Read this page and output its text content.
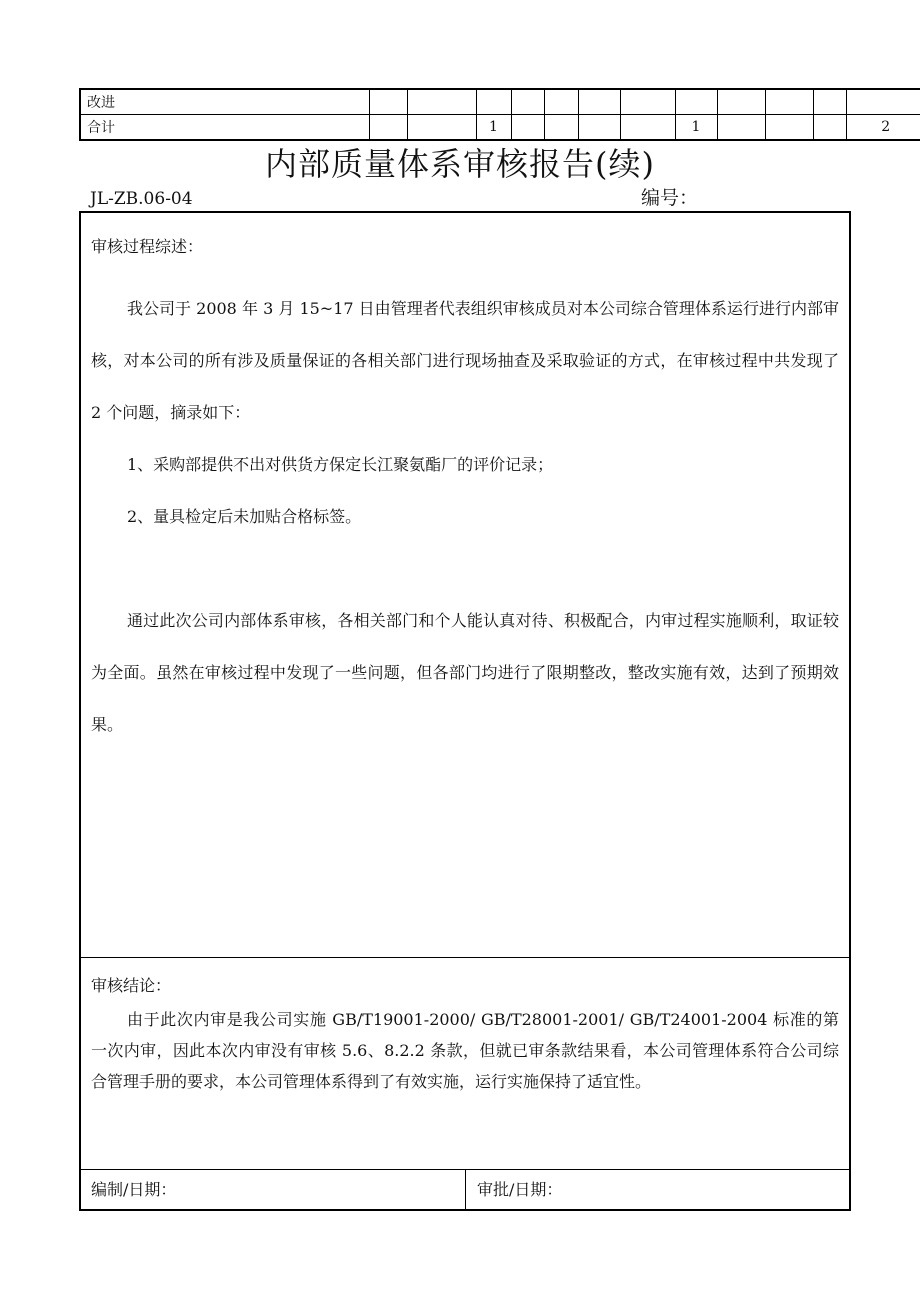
改进												
合计			1					1				2
内部质量体系审核报告(续)
JL-ZB.06-04	编号：

审核过程综述：

我公司于 2008 年 3 月 15~17 日由管理者代表组织审核成员对本公司综合管理体系运行进行内部审核，对本公司的所有涉及质量保证的各相关部门进行现场抽查及采取验证的方式，在审核过程中共发现了 2 个问题，摘录如下：

1、采购部提供不出对供货方保定长江聚氨酯厂的评价记录；

2、量具检定后未加贴合格标签。

通过此次公司内部体系审核，各相关部门和个人能认真对待、积极配合，内审过程实施顺利，取证较为全面。虽然在审核过程中发现了一些问题，但各部门均进行了限期整改，整改实施有效，达到了预期效果。

审核结论：

由于此次内审是我公司实施 GB/T19001-2000/ GB/T28001-2001/ GB/T24001-2004 标准的第一次内审，因此本次内审没有审核 5.6、8.2.2 条款，但就已审条款结果看，本公司管理体系符合公司综合管理手册的要求，本公司管理体系得到了有效实施，运行实施保持了适宜性。

编制/日期：	审批/日期：
